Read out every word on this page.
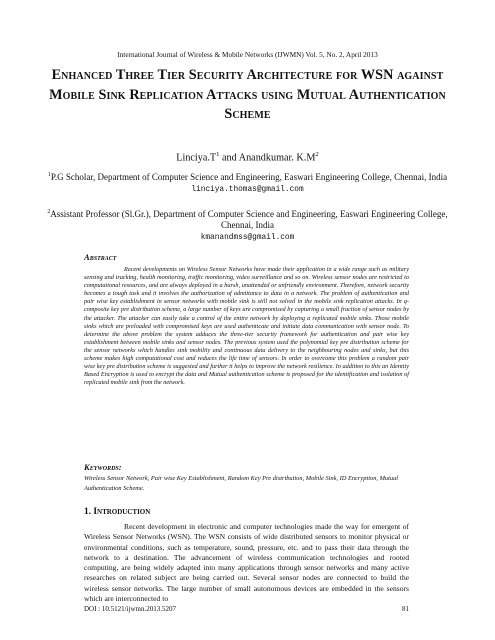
International Journal of Wireless & Mobile Networks (IJWMN) Vol. 5, No. 2, April 2013
Enhanced Three Tier Security Architecture for WSN against Mobile Sink Replication Attacks using Mutual Authentication Scheme
$Linciya.T^1$ and Anandkumar. $K.M^2$
$^1$P.G Scholar, Department of Computer Science and Engineering, Easwari Engineering College, Chennai, India
linciya.thomas@gmail.com
$^2$Assistant Professor (Sl.Gr.), Department of Computer Science and Engineering, Easwari Engineering College, Chennai, India
kmanandmss@gmail.com
Abstract

Recent developments on Wireless Sensor Networks have made their application in a wide range such as military sensing and tracking, health monitoring, traffic monitoring, video surveillance and so on. Wireless sensor nodes are restricted to computational resources, and are always deployed in a harsh, unattended or unfriendly environment. Therefore, network security becomes a tough task and it involves the authorization of admittance to data in a network. The problem of authentication and pair wise key establishment in sensor networks with mobile sink is still not solved in the mobile sink replication attacks. In q-composite key pre distribution scheme, a large number of keys are compromised by capturing a small fraction of sensor nodes by the attacker. The attacker can easily take a control of the entire network by deploying a replicated mobile sinks. Those mobile sinks which are preloaded with compromised keys are used authenticate and initiate data communication with sensor node. To determine the above problem the system adduces the three-tier security framework for authentication and pair wise key establishment between mobile sinks and sensor nodes. The previous system used the polynomial key pre distribution scheme for the sensor networks which handles sink mobility and continuous data delivery to the neighbouring nodes and sinks, but this scheme makes high computational cost and reduces the life time of sensors. In order to overcome this problem a random pair wise key pre distribution scheme is suggested and further it helps to improve the network resilience. In addition to this an Identity Based Encryption is used to encrypt the data and Mutual authentication scheme is proposed for the identification and isolation of replicated mobile sink from the network.

Keywords:
Wireless Sensor Network, Pair wise Key Establishment, Random Key Pre distribution, Mobile Sink, ID Encryption, Mutual Authentication Scheme.
1. Introduction

Recent development in electronic and computer technologies made the way for emergent of Wireless Sensor Networks (WSN). The WSN consists of wide distributed sensors to monitor physical or environmental conditions, such as temperature, sound, pressure, etc. and to pass their data through the network to a destination. The advancement of wireless communication technologies and rooted computing, are being widely adapted into many applications through sensor networks and many active researches on related subject are being carried out. Several sensor nodes are connected to build the wireless sensor networks. The large number of small autonomous devices are embedded in the sensors which are interconnected to

DOI : 10.5121/ijwmn.2013.5207	81
